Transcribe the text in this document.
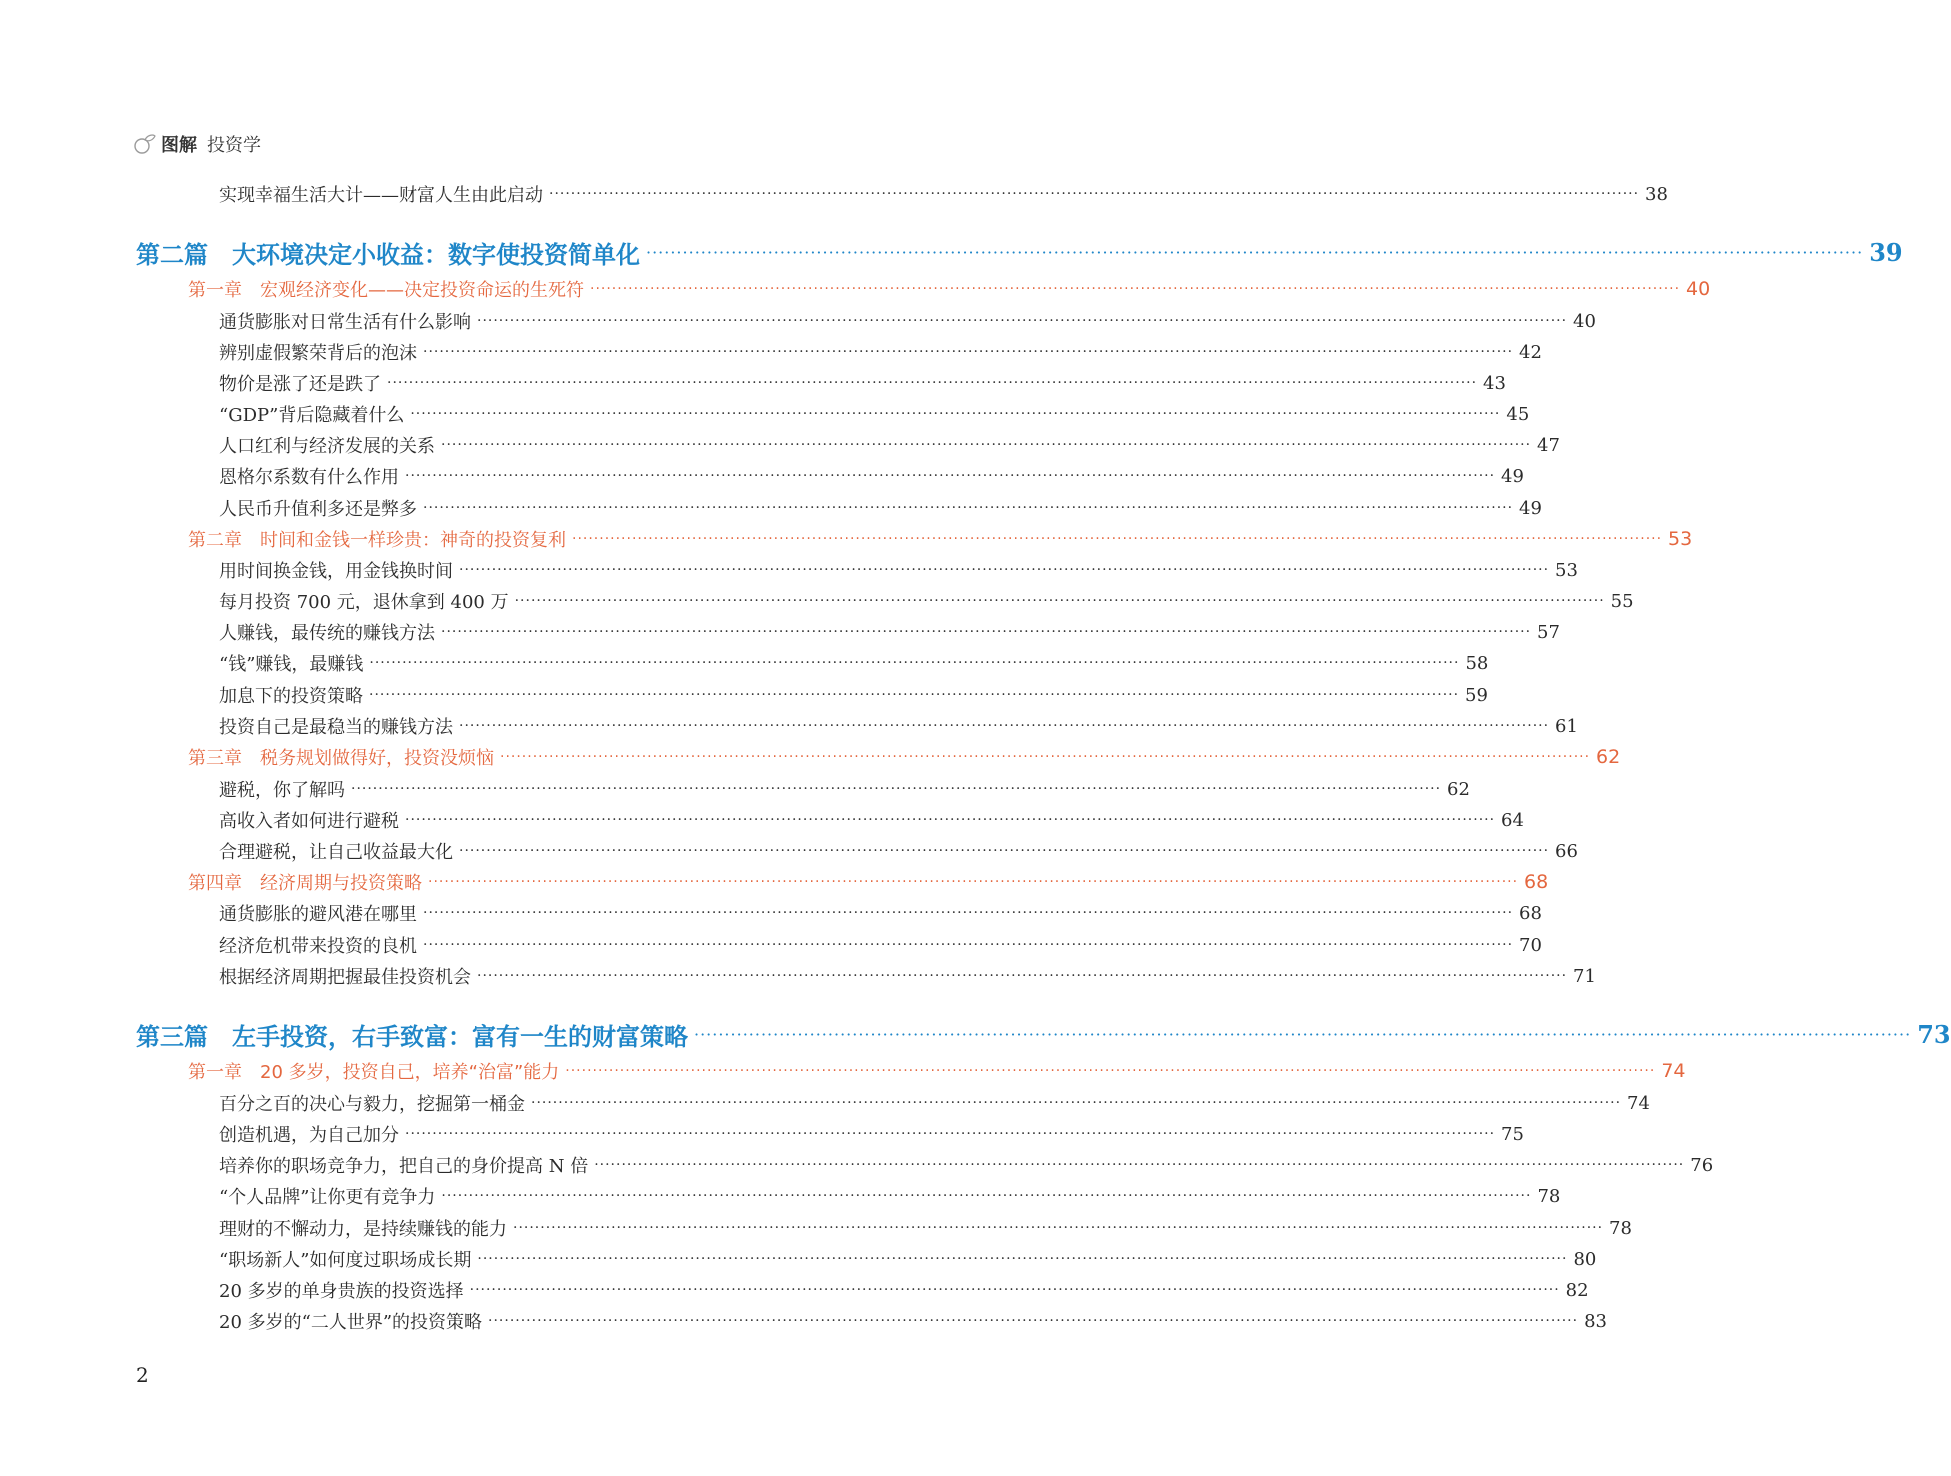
图解 投资学
实现幸福生活大计——财富人生由此启动 ········································································································································································································ 38
第二篇　大环境决定小收益：数字使投资简单化 ········································································································································································································ 39
第一章　宏观经济变化——决定投资命运的生死符 ········································································································································································································ 40
通货膨胀对日常生活有什么影响 ········································································································································································································ 40
辨别虚假繁荣背后的泡沫 ········································································································································································································ 42
物价是涨了还是跌了 ········································································································································································································ 43
“GDP”背后隐藏着什么 ········································································································································································································ 45
人口红利与经济发展的关系 ········································································································································································································ 47
恩格尔系数有什么作用 ········································································································································································································ 49
人民币升值利多还是弊多 ········································································································································································································ 49
第二章　时间和金钱一样珍贵：神奇的投资复利 ········································································································································································································ 53
用时间换金钱，用金钱换时间 ········································································································································································································ 53
每月投资 700 元，退休拿到 400 万 ········································································································································································································ 55
人赚钱，最传统的赚钱方法 ········································································································································································································ 57
“钱”赚钱，最赚钱 ········································································································································································································ 58
加息下的投资策略 ········································································································································································································ 59
投资自己是最稳当的赚钱方法 ········································································································································································································ 61
第三章　税务规划做得好，投资没烦恼 ········································································································································································································ 62
避税，你了解吗 ········································································································································································································ 62
高收入者如何进行避税 ········································································································································································································ 64
合理避税，让自己收益最大化 ········································································································································································································ 66
第四章　经济周期与投资策略 ········································································································································································································ 68
通货膨胀的避风港在哪里 ········································································································································································································ 68
经济危机带来投资的良机 ········································································································································································································ 70
根据经济周期把握最佳投资机会 ········································································································································································································ 71
第三篇　左手投资，右手致富：富有一生的财富策略 ········································································································································································································ 73
第一章　20 多岁，投资自己，培养“治富”能力 ········································································································································································································ 74
百分之百的决心与毅力，挖掘第一桶金 ········································································································································································································ 74
创造机遇，为自己加分 ········································································································································································································ 75
培养你的职场竞争力，把自己的身价提高 N 倍 ········································································································································································································ 76
“个人品牌”让你更有竞争力 ········································································································································································································ 78
理财的不懈动力，是持续赚钱的能力 ········································································································································································································ 78
“职场新人”如何度过职场成长期 ········································································································································································································ 80
20 多岁的单身贵族的投资选择 ········································································································································································································ 82
20 多岁的“二人世界”的投资策略 ········································································································································································································ 83
2
